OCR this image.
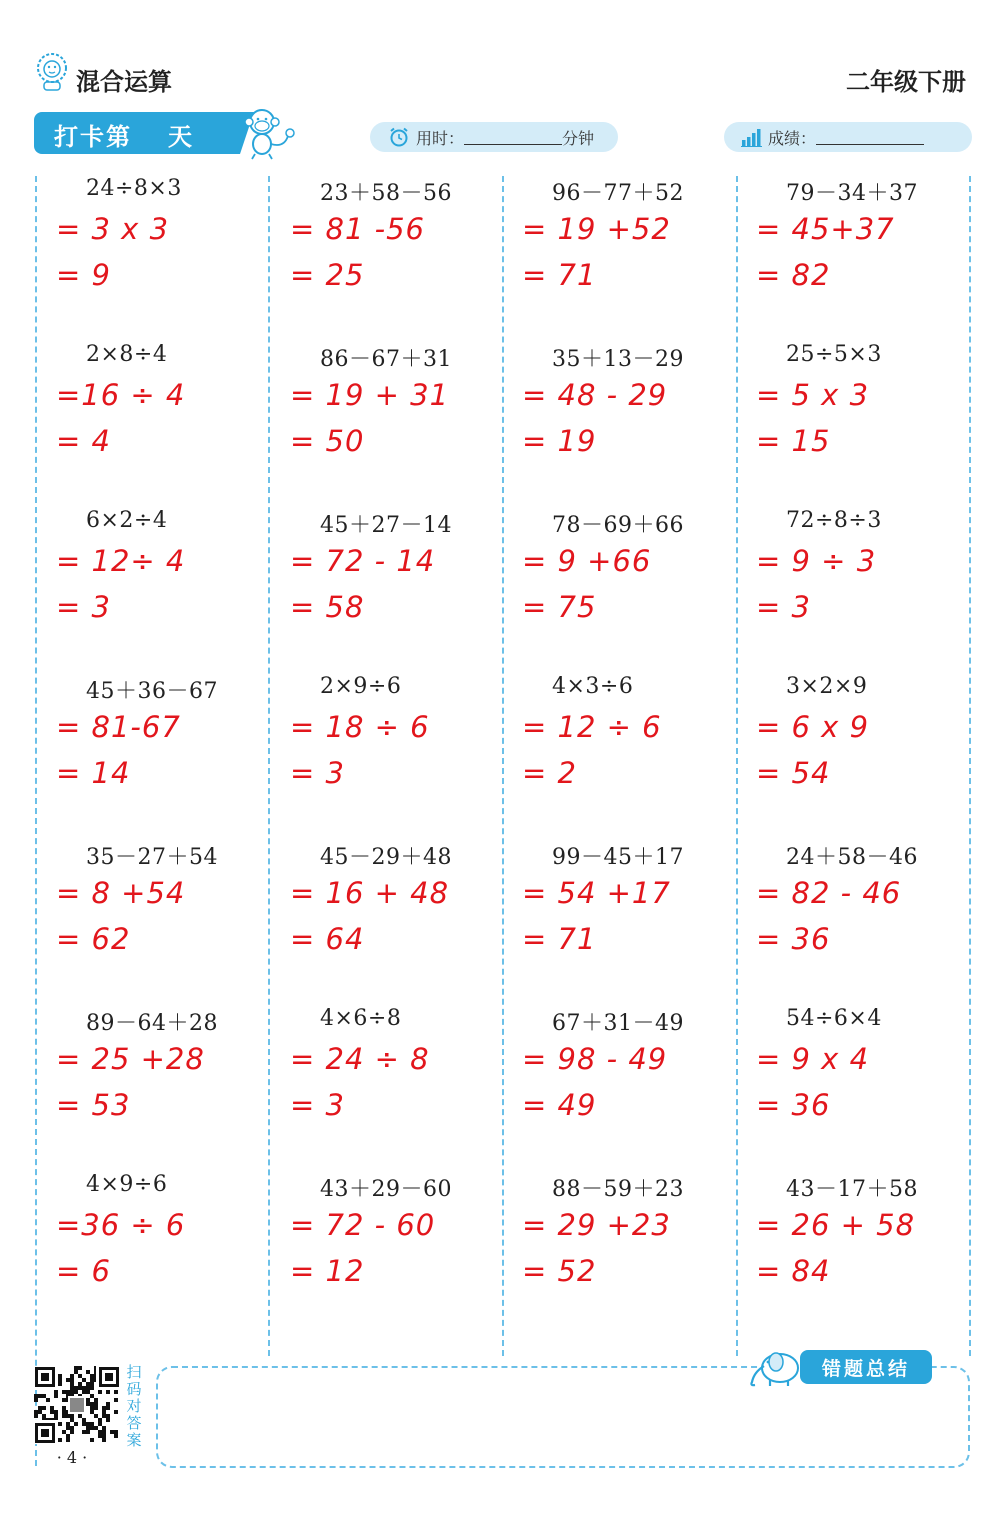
混合运算	二年级下册
打卡第 天	用时：	分钟	成绩：
24÷8×3
= 3 x 3
= 9
2×8÷4
=16 ÷ 4
= 4
6×2÷4
= 12÷ 4
= 3
45＋36－67
= 81-67
= 14
35－27＋54
= 8 +54
= 62
89－64＋28
= 25 +28
= 53
4×9÷6
=36 ÷ 6
= 6
23＋58－56
= 81 -56
= 25
86－67＋31
= 19 + 31
= 50
45＋27－14
= 72 - 14
= 58
2×9÷6
= 18 ÷ 6
= 3
45－29＋48
= 16 + 48
= 64
4×6÷8
= 24 ÷ 8
= 3
43＋29－60
= 72 - 60
= 12
96－77＋52
= 19 +52
= 71
35＋13－29
= 48 - 29
= 19
78－69＋66
= 9 +66
= 75
4×3÷6
= 12 ÷ 6
= 2
99－45＋17
= 54 +17
= 71
67＋31－49
= 98 - 49
= 49
88－59＋23
= 29 +23
= 52
79－34＋37
= 45+37
= 82
25÷5×3
= 5 x 3
= 15
72÷8÷3
= 9 ÷ 3
= 3
3×2×9
= 6 x 9
= 54
24＋58－46
= 82 - 46
= 36
54÷6×4
= 9 x 4
= 36
43－17＋58
= 26 + 58
= 84
错题总结
扫
码
对
答
案
· 4 ·
